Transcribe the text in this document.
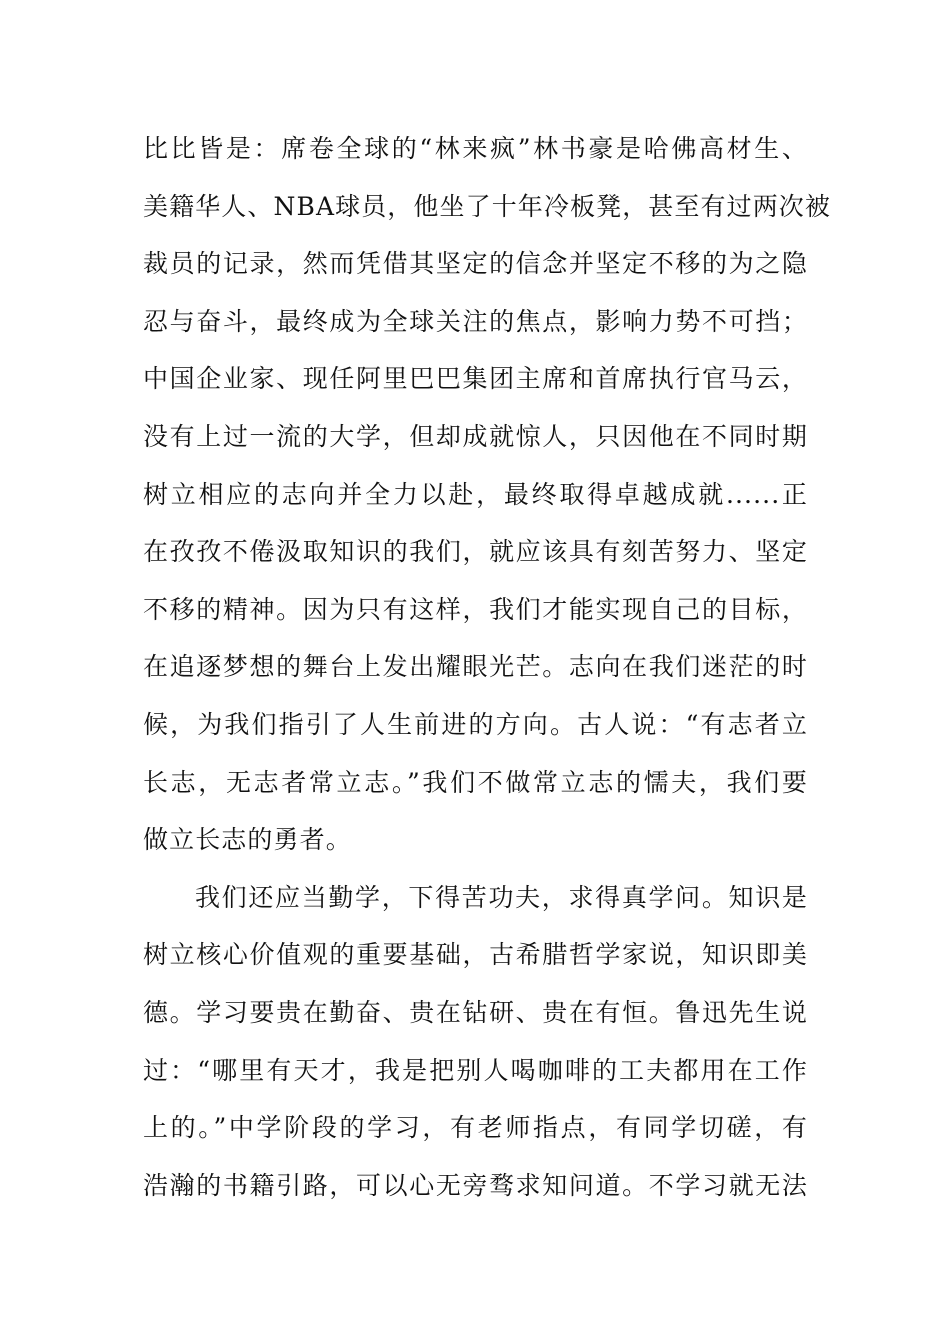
比比皆是：席卷全球的“林来疯”林书豪是哈佛高材生、
美籍华人、NBA球员，他坐了十年冷板凳，甚至有过两次被
裁员的记录，然而凭借其坚定的信念并坚定不移的为之隐
忍与奋斗，最终成为全球关注的焦点，影响力势不可挡；
中国企业家、现任阿里巴巴集团主席和首席执行官马云，
没有上过一流的大学，但却成就惊人，只因他在不同时期
树立相应的志向并全力以赴，最终取得卓越成就......正
在孜孜不倦汲取知识的我们，就应该具有刻苦努力、坚定
不移的精神。因为只有这样，我们才能实现自己的目标，
在追逐梦想的舞台上发出耀眼光芒。志向在我们迷茫的时
候，为我们指引了人生前进的方向。古人说：“有志者立
长志，无志者常立志。”我们不做常立志的懦夫，我们要
做立长志的勇者。
我们还应当勤学，下得苦功夫，求得真学问。知识是
树立核心价值观的重要基础，古希腊哲学家说，知识即美
德。学习要贵在勤奋、贵在钻研、贵在有恒。鲁迅先生说
过：“哪里有天才，我是把别人喝咖啡的工夫都用在工作
上的。”中学阶段的学习，有老师指点，有同学切磋，有
浩瀚的书籍引路，可以心无旁骛求知问道。不学习就无法
